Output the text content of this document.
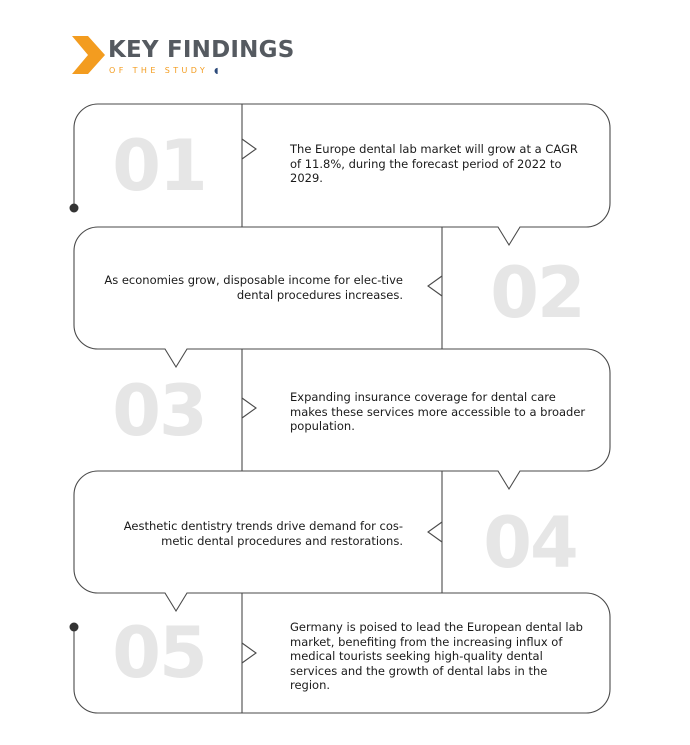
KEY FINDINGS

OF THE STUDY ◖

01	The Europe dental lab market will grow at a CAGR of 11.8%, during the forecast period of 2022 to 2029.

As economies grow, disposable income for elec-tive dental procedures increases.	02
03	Expanding insurance coverage for dental care makes these services more accessible to a broader population.

Aesthetic dentistry trends drive demand for cos-metic dental procedures and restorations.	04
05	Germany is poised to lead the European dental lab market, benefiting from the increasing influx of medical tourists seeking high-quality dental services and the growth of dental labs in the region.
